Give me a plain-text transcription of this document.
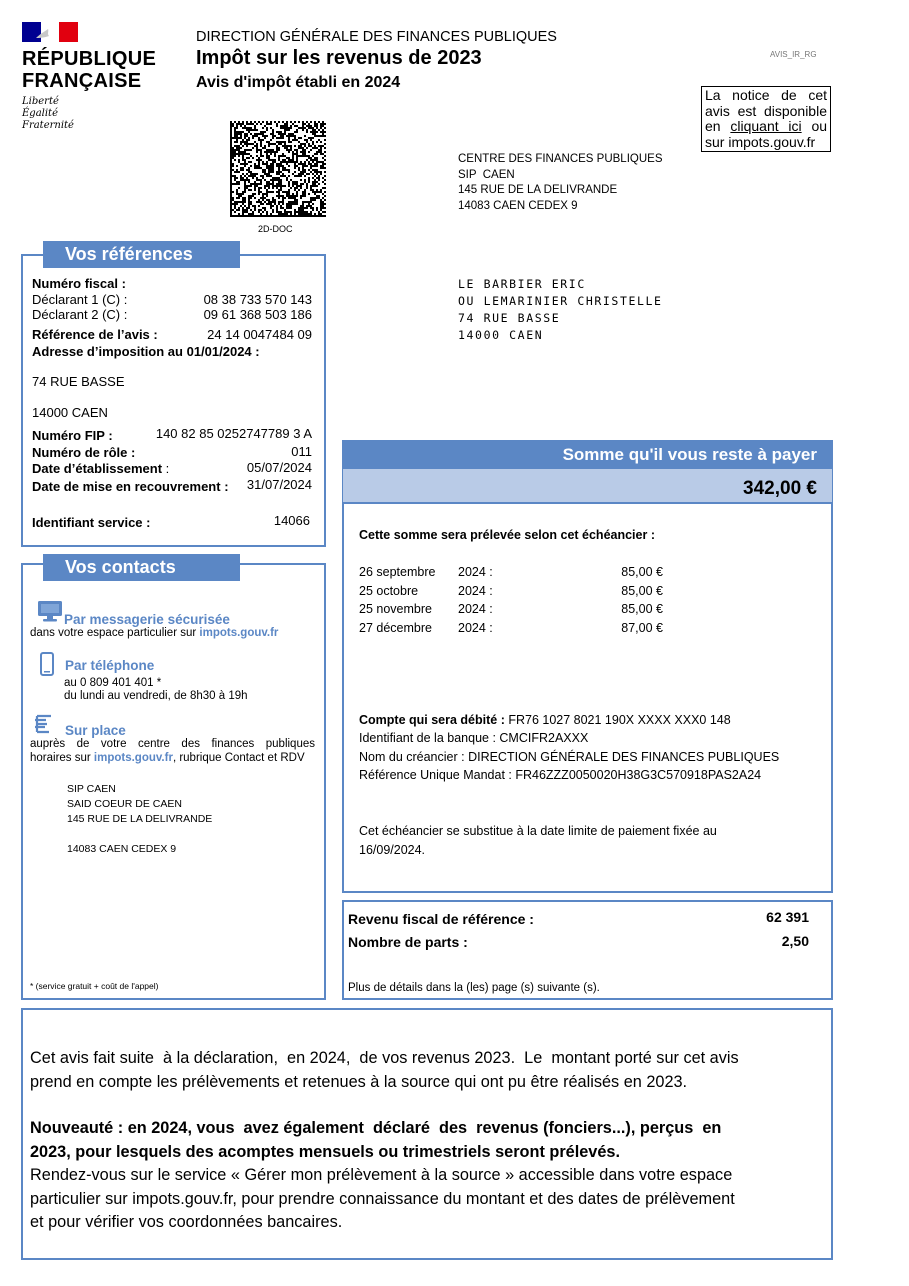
RÉPUBLIQUE
FRANÇAISE
Liberté
Égalité
Fraternité
DIRECTION GÉNÉRALE DES FINANCES PUBLIQUES
Impôt sur les revenus de 2023
Avis d'impôt établi en 2024
AVIS_IR_RG
La notice de cet avis est disponible en cliquant ici ou sur impots.gouv.fr
2D-DOC
CENTRE DES FINANCES PUBLIQUES
SIP  CAEN
145 RUE DE LA DELIVRANDE
14083 CAEN CEDEX 9
LE BARBIER ERIC
OU LEMARINIER CHRISTELLE
74 RUE BASSE
14000 CAEN
Vos références
Numéro fiscal :
Déclarant 1 (C) :	08 38 733 570 143
Déclarant 2 (C) :	09 61 368 503 186
Référence de l’avis :	24 14 0047484 09
Adresse d’imposition au 01/01/2024 :
74 RUE BASSE
14000 CAEN
Numéro FIP :	140 82 85 0252747789 3 A
Numéro de rôle :	011
Date d’établissement :	05/07/2024
Date de mise en recouvrement :	31/07/2024
Identifiant service :	14066
Vos contacts
Par messagerie sécurisée
dans votre espace particulier sur impots.gouv.fr
Par téléphone
au 0 809 401 401 *
du lundi au vendredi, de 8h30 à 19h
Sur place
auprès de votre centre des finances publiques
horaires sur impots.gouv.fr, rubrique Contact et RDV
SIP CAEN
SAID COEUR DE CAEN
145 RUE DE LA DELIVRANDE
14083 CAEN CEDEX 9
* (service gratuit + coût de l'appel)
Somme qu'il vous reste à payer
342,00 €
Cette somme sera prélevée selon cet échéancier :
26 septembre 2024 :	85,00 €
25 octobre	2024 :	85,00 €
25 novembre 2024 :	85,00 €
27 décembre 2024 :	87,00 €
Compte qui sera débité : FR76 1027 8021 190X XXXX XXX0 148
Identifiant de la banque : CMCIFR2AXXX
Nom du créancier : DIRECTION GÉNÉRALE DES FINANCES PUBLIQUES
Référence Unique Mandat : FR46ZZZ0050020H38G3C570918PAS2A24
Cet échéancier se substitue à la date limite de paiement fixée au
16/09/2024.
Revenu fiscal de référence :	62 391
Nombre de parts :	2,50
Plus de détails dans la (les) page (s) suivante (s).
Cet avis fait suite  à la déclaration,  en 2024,  de vos revenus 2023.  Le  montant porté sur cet avis
prend en compte les prélèvements et retenues à la source qui ont pu être réalisés en 2023.
Nouveauté : en 2024, vous  avez également  déclaré  des  revenus (fonciers...), perçus  en
2023, pour lesquels des acomptes mensuels ou trimestriels seront prélevés.
Rendez-vous sur le service « Gérer mon prélèvement à la source » accessible dans votre espace
particulier sur impots.gouv.fr, pour prendre connaissance du montant et des dates de prélèvement
et pour vérifier vos coordonnées bancaires.
